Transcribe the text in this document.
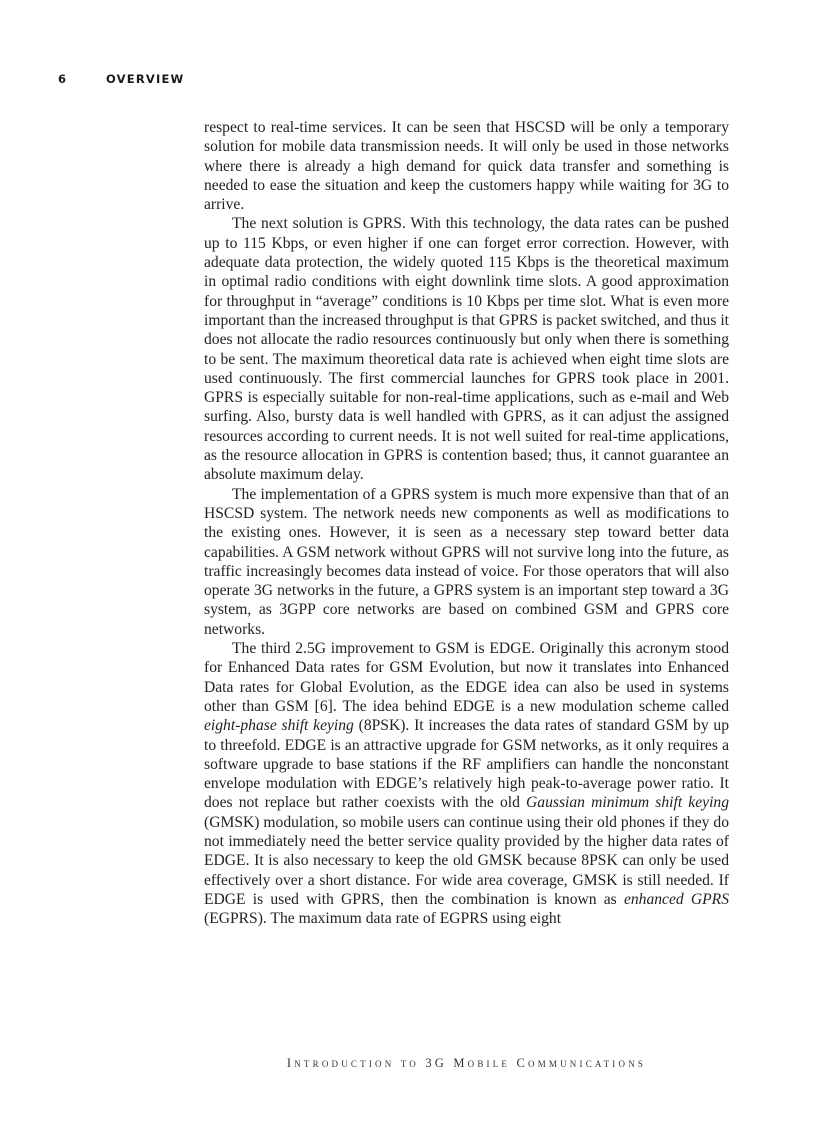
6	OVERVIEW

respect to real-time services. It can be seen that HSCSD will be only a temporary solution for mobile data transmission needs. It will only be used in those networks where there is already a high demand for quick data transfer and something is needed to ease the situation and keep the customers happy while waiting for 3G to arrive.

The next solution is GPRS. With this technology, the data rates can be pushed up to 115 Kbps, or even higher if one can forget error correction. However, with adequate data protection, the widely quoted 115 Kbps is the theoretical maximum in optimal radio conditions with eight downlink time slots. A good approximation for throughput in “average” conditions is 10 Kbps per time slot. What is even more important than the increased throughput is that GPRS is packet switched, and thus it does not allocate the radio resources continuously but only when there is something to be sent. The maximum theoretical data rate is achieved when eight time slots are used continuously. The first commercial launches for GPRS took place in 2001. GPRS is especially suitable for non-real-time applications, such as e-mail and Web surfing. Also, bursty data is well handled with GPRS, as it can adjust the assigned resources according to current needs. It is not well suited for real-time applications, as the resource allocation in GPRS is contention based; thus, it cannot guarantee an absolute maximum delay.

The implementation of a GPRS system is much more expensive than that of an HSCSD system. The network needs new components as well as modifications to the existing ones. However, it is seen as a necessary step toward better data capabilities. A GSM network without GPRS will not survive long into the future, as traffic increasingly becomes data instead of voice. For those operators that will also operate 3G networks in the future, a GPRS system is an important step toward a 3G system, as 3GPP core networks are based on combined GSM and GPRS core networks.

The third 2.5G improvement to GSM is EDGE. Originally this acronym stood for Enhanced Data rates for GSM Evolution, but now it translates into Enhanced Data rates for Global Evolution, as the EDGE idea can also be used in systems other than GSM [6]. The idea behind EDGE is a new modulation scheme called eight-phase shift keying (8PSK). It increases the data rates of standard GSM by up to threefold. EDGE is an attractive upgrade for GSM networks, as it only requires a software upgrade to base stations if the RF amplifiers can handle the nonconstant envelope modulation with EDGE’s relatively high peak-to-average power ratio. It does not replace but rather coexists with the old Gaussian minimum shift keying (GMSK) modulation, so mobile users can continue using their old phones if they do not immediately need the better service quality provided by the higher data rates of EDGE. It is also necessary to keep the old GMSK because 8PSK can only be used effectively over a short distance. For wide area coverage, GMSK is still needed. If EDGE is used with GPRS, then the combination is known as enhanced GPRS (EGPRS). The maximum data rate of EGPRS using eight

Introduction to 3G Mobile Communications
